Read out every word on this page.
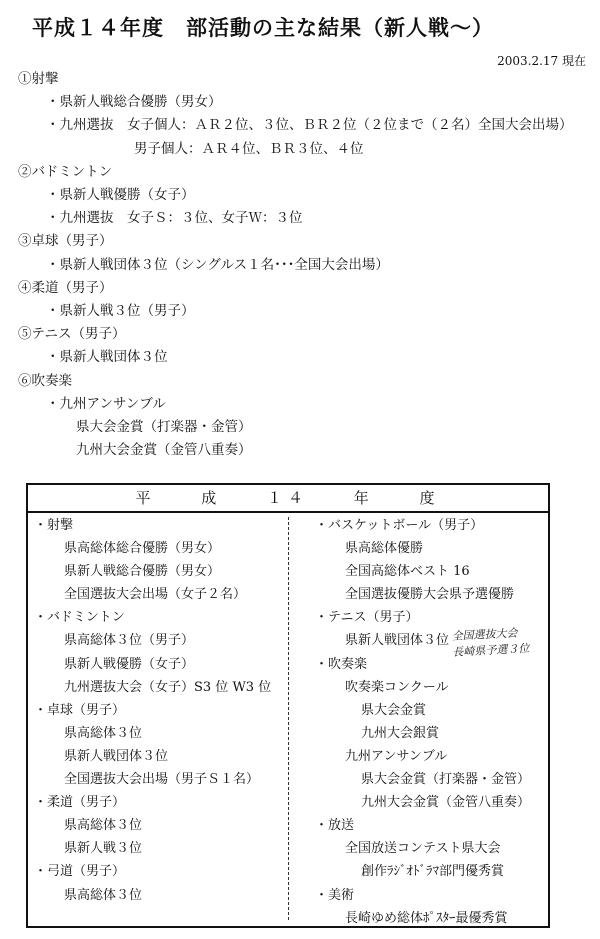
平成１４年度　部活動の主な結果（新人戦〜）
2003.2.17 現在
①射撃
・県新人戦総合優勝（男女）
・九州選抜　女子個人：ＡＲ２位、３位、ＢＲ２位（２位まで（２名）全国大会出場）
男子個人：ＡＲ４位、ＢＲ３位、４位
②バドミントン
・県新人戦優勝（女子）
・九州選抜　女子Ｓ：３位、女子Ｗ：３位
③卓球（男子）
・県新人戦団体３位（シングルス１名･･･全国大会出場）
④柔道（男子）
・県新人戦３位（男子）
⑤テニス（男子）
・県新人戦団体３位
⑥吹奏楽
・九州アンサンブル
県大会金賞（打楽器・金管）
九州大会金賞（金管八重奏）
平 成 １４ 年 度
・射撃
県高総体総合優勝（男女）
県新人戦総合優勝（男女）
全国選抜大会出場（女子２名）
・バドミントン
県高総体３位（男子）
県新人戦優勝（女子）
九州選抜大会（女子）S3 位 W3 位
・卓球（男子）
県高総体３位
県新人戦団体３位
全国選抜大会出場（男子Ｓ１名）
・柔道（男子）
県高総体３位
県新人戦３位
・弓道（男子）
県高総体３位
・バスケットボール（男子）
県高総体優勝
全国高総体ベスト 16
全国選抜優勝大会県予選優勝
・テニス（男子）
県新人戦団体３位
・吹奏楽
吹奏楽コンクール
県大会金賞
九州大会銀賞
九州アンサンブル
県大会金賞（打楽器・金管）
九州大会金賞（金管八重奏）
・放送
全国放送コンテスト県大会
創作ﾗｼﾞｵﾄﾞﾗﾏ部門優秀賞
・美術
長崎ゆめ総体ﾎﾟｽﾀｰ最優秀賞
全国選抜大会
長崎県予選３位
